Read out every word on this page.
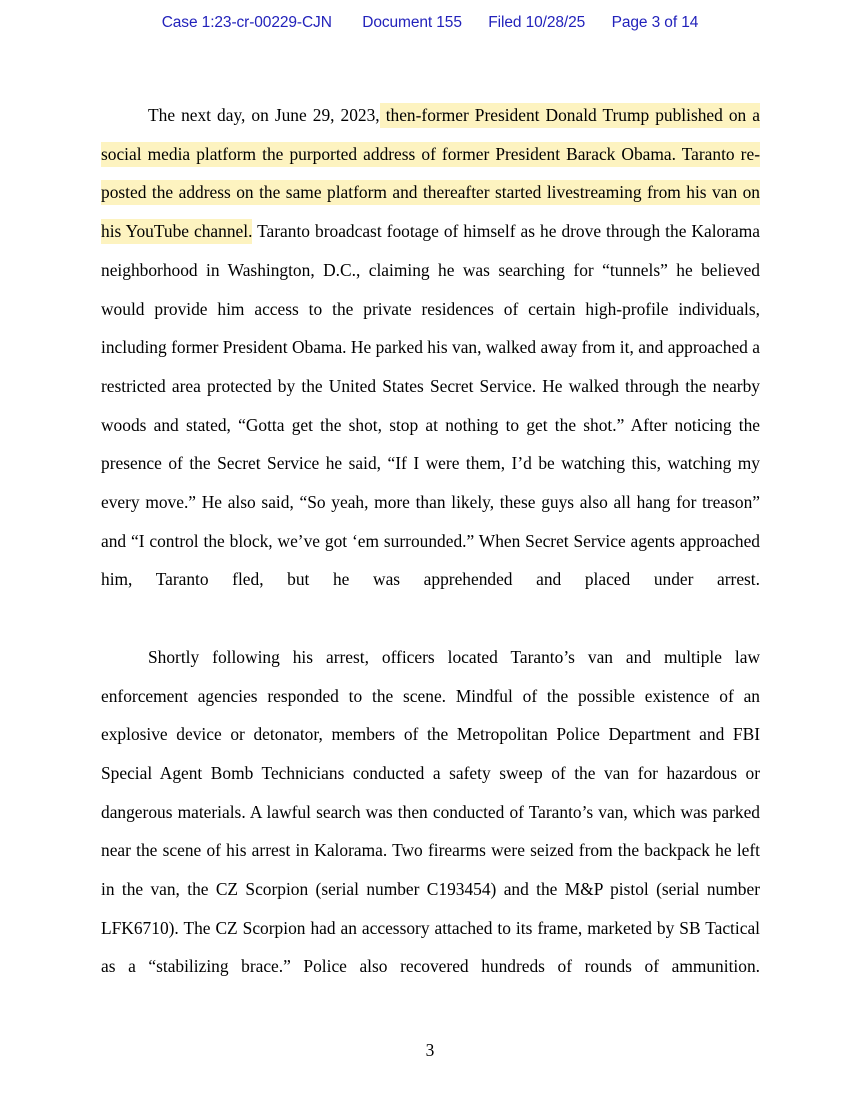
Case 1:23-cr-00229-CJN Document 155 Filed 10/28/25 Page 3 of 14

The next day, on June 29, 2023, then-former President Donald Trump published on a social media platform the purported address of former President Barack Obama. Taranto re-posted the address on the same platform and thereafter started livestreaming from his van on his YouTube channel. Taranto broadcast footage of himself as he drove through the Kalorama neighborhood in Washington, D.C., claiming he was searching for “tunnels” he believed would provide him access to the private residences of certain high-profile individuals, including former President Obama. He parked his van, walked away from it, and approached a restricted area protected by the United States Secret Service. He walked through the nearby woods and stated, “Gotta get the shot, stop at nothing to get the shot.” After noticing the presence of the Secret Service he said, “If I were them, I’d be watching this, watching my every move.” He also said, “So yeah, more than likely, these guys also all hang for treason” and “I control the block, we’ve got ‘em surrounded.” When Secret Service agents approached him, Taranto fled, but he was apprehended and placed under arrest.

Shortly following his arrest, officers located Taranto’s van and multiple law enforcement agencies responded to the scene. Mindful of the possible existence of an explosive device or detonator, members of the Metropolitan Police Department and FBI Special Agent Bomb Technicians conducted a safety sweep of the van for hazardous or dangerous materials. A lawful search was then conducted of Taranto’s van, which was parked near the scene of his arrest in Kalorama. Two firearms were seized from the backpack he left in the van, the CZ Scorpion (serial number C193454) and the M&P pistol (serial number LFK6710). The CZ Scorpion had an accessory attached to its frame, marketed by SB Tactical as a “stabilizing brace.” Police also recovered hundreds of rounds of ammunition.

3
